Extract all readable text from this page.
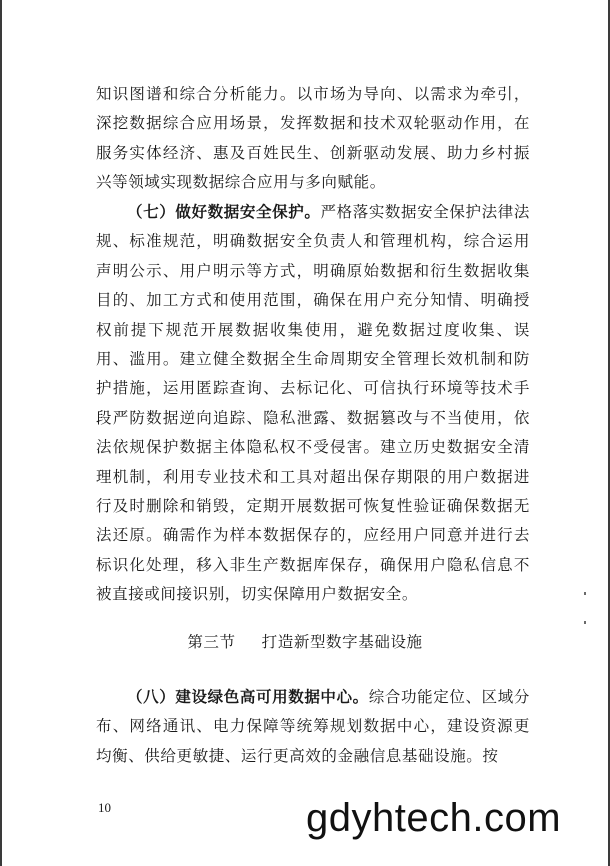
知识图谱和综合分析能力。以市场为导向、以需求为牵引，深挖数据综合应用场景，发挥数据和技术双轮驱动作用，在服务实体经济、惠及百姓民生、创新驱动发展、助力乡村振兴等领域实现数据综合应用与多向赋能。

（七）做好数据安全保护。严格落实数据安全保护法律法规、标准规范，明确数据安全负责人和管理机构，综合运用声明公示、用户明示等方式，明确原始数据和衍生数据收集目的、加工方式和使用范围，确保在用户充分知情、明确授权前提下规范开展数据收集使用，避免数据过度收集、误用、滥用。建立健全数据全生命周期安全管理长效机制和防护措施，运用匿踪查询、去标记化、可信执行环境等技术手段严防数据逆向追踪、隐私泄露、数据篡改与不当使用，依法依规保护数据主体隐私权不受侵害。建立历史数据安全清理机制，利用专业技术和工具对超出保存期限的用户数据进行及时删除和销毁，定期开展数据可恢复性验证确保数据无法还原。确需作为样本数据保存的，应经用户同意并进行去标识化处理，移入非生产数据库保存，确保用户隐私信息不被直接或间接识别，切实保障用户数据安全。

第三节 打造新型数字基础设施

（八）建设绿色高可用数据中心。综合功能定位、区域分布、网络通讯、电力保障等统筹规划数据中心，建设资源更均衡、供给更敏捷、运行更高效的金融信息基础设施。按

10	gdyhtech.com
